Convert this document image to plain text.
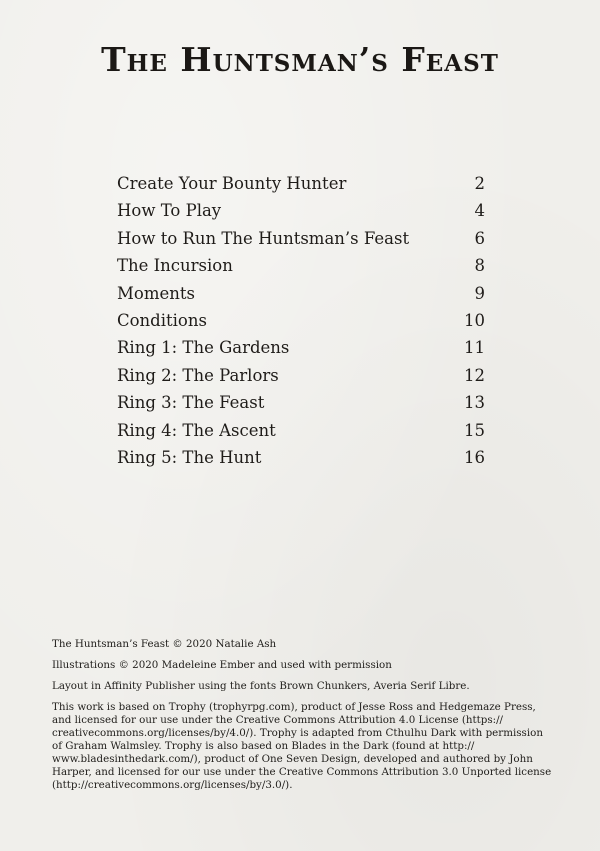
The Huntsman’s Feast
Create Your Bounty Hunter	2
How To Play	4
How to Run The Huntsman’s Feast	6
The Incursion	8
Moments	9
Conditions	10
Ring 1: The Gardens	11
Ring 2: The Parlors	12
Ring 3: The Feast	13
Ring 4: The Ascent	15
Ring 5: The Hunt	16

The Huntsman’s Feast © 2020 Natalie Ash

Illustrations © 2020 Madeleine Ember and used with permission

Layout in Affinity Publisher using the fonts Brown Chunkers, Averia Serif Libre.

This work is based on Trophy (trophyrpg.com), product of Jesse Ross and Hedgemaze Press,
and licensed for our use under the Creative Commons Attribution 4.0 License (https://
creativecommons.org/licenses/by/4.0/). Trophy is adapted from Cthulhu Dark with permission
of Graham Walmsley. Trophy is also based on Blades in the Dark (found at http://
www.bladesinthedark.com/), product of One Seven Design, developed and authored by John
Harper, and licensed for our use under the Creative Commons Attribution 3.0 Unported license
(http://creativecommons.org/licenses/by/3.0/).
